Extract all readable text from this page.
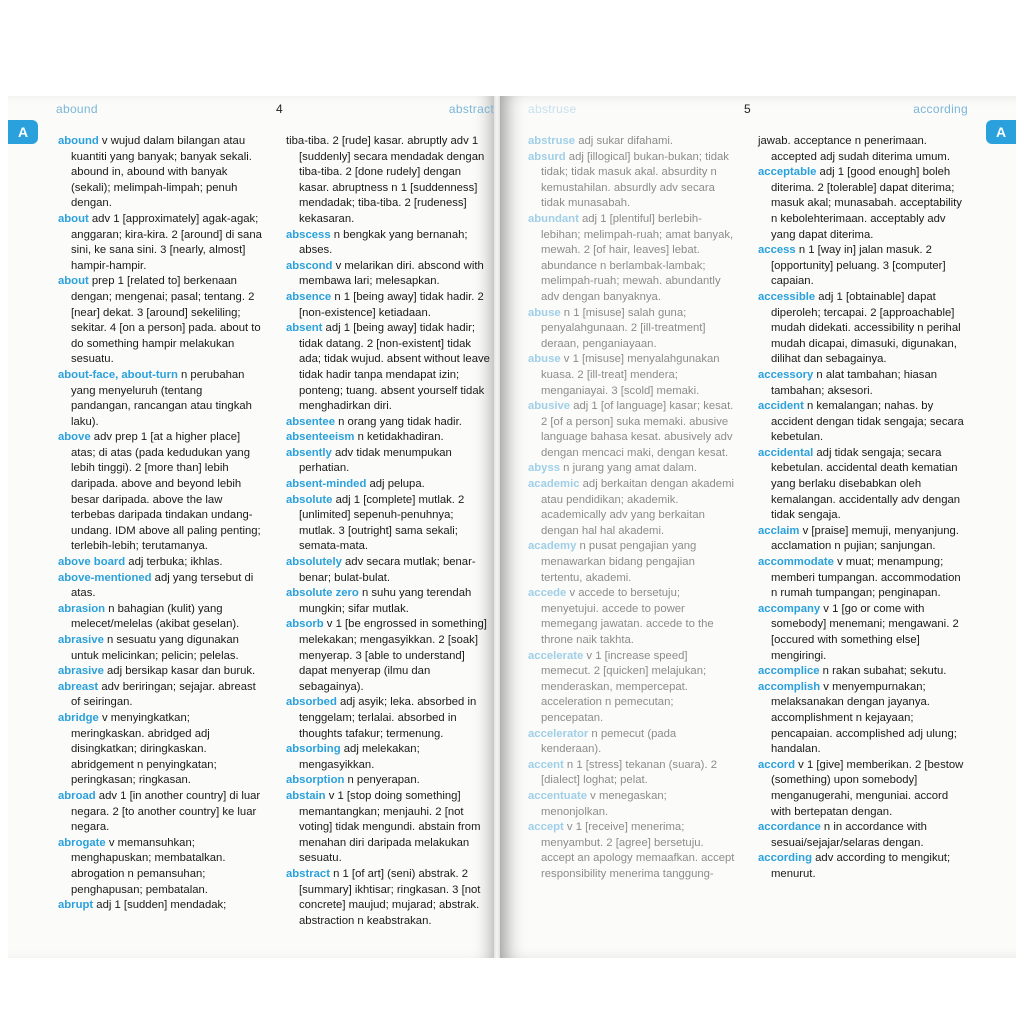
abound	4	abstract
A

abound v wujud dalam bilangan atau kuantiti yang banyak; banyak sekali. abound in, abound with banyak (sekali); melimpah-limpah; penuh dengan.

about adv 1 [approximately] agak-agak; anggaran; kira-kira. 2 [around] di sana sini, ke sana sini. 3 [nearly, almost] hampir-hampir.

about prep 1 [related to] berkenaan dengan; mengenai; pasal; tentang. 2 [near] dekat. 3 [around] sekeliling; sekitar. 4 [on a person] pada. about to do something hampir melakukan sesuatu.

about-face, about-turn n perubahan yang menyeluruh (tentang pandangan, rancangan atau tingkah laku).

above adv prep 1 [at a higher place] atas; di atas (pada kedudukan yang lebih tinggi). 2 [more than] lebih daripada. above and beyond lebih besar daripada. above the law terbebas daripada tindakan undang-undang. IDM above all paling penting; terlebih-lebih; terutamanya.

above board adj terbuka; ikhlas.

above-mentioned adj yang tersebut di atas.

abrasion n bahagian (kulit) yang melecet/melelas (akibat geselan).

abrasive n sesuatu yang digunakan untuk melicinkan; pelicin; pelelas.

abrasive adj bersikap kasar dan buruk.

abreast adv beriringan; sejajar. abreast of seiringan.

abridge v menyingkatkan; meringkaskan. abridged adj disingkatkan; diringkaskan. abridgement n penyingkatan; peringkasan; ringkasan.

abroad adv 1 [in another country] di luar negara. 2 [to another country] ke luar negara.

abrogate v memansuhkan; menghapuskan; membatalkan. abrogation n pemansuhan; penghapusan; pembatalan.

abrupt adj 1 [sudden] mendadak;

tiba-tiba. 2 [rude] kasar. abruptly adv 1 [suddenly] secara mendadak dengan tiba-tiba. 2 [done rudely] dengan kasar. abruptness n 1 [suddenness] mendadak; tiba-tiba. 2 [rudeness] kekasaran.

abscess n bengkak yang bernanah; abses.

abscond v melarikan diri. abscond with membawa lari; melesapkan.

absence n 1 [being away] tidak hadir. 2 [non-existence] ketiadaan.

absent adj 1 [being away] tidak hadir; tidak datang. 2 [non-existent] tidak ada; tidak wujud. absent without leave tidak hadir tanpa mendapat izin; ponteng; tuang. absent yourself tidak menghadirkan diri.

absentee n orang yang tidak hadir.

absenteeism n ketidakhadiran.

absently adv tidak menumpukan perhatian.

absent-minded adj pelupa.

absolute adj 1 [complete] mutlak. 2 [unlimited] sepenuh-penuhnya; mutlak. 3 [outright] sama sekali; semata-mata.

absolutely adv secara mutlak; benar-benar; bulat-bulat.

absolute zero n suhu yang terendah mungkin; sifar mutlak.

absorb v 1 [be engrossed in something] melekakan; mengasyikkan. 2 [soak] menyerap. 3 [able to understand] dapat menyerap (ilmu dan sebagainya).

absorbed adj asyik; leka. absorbed in tenggelam; terlalai. absorbed in thoughts tafakur; termenung.

absorbing adj melekakan; mengasyikkan.

absorption n penyerapan.

abstain v 1 [stop doing something] memantangkan; menjauhi. 2 [not voting] tidak mengundi. abstain from menahan diri daripada melakukan sesuatu.

abstract n 1 [of art] (seni) abstrak. 2 [summary] ikhtisar; ringkasan. 3 [not concrete] maujud; mujarad; abstrak. abstraction n keabstrakan.

abstruse	5	according
A

abstruse adj sukar difahami.

absurd adj [illogical] bukan-bukan; tidak tidak; tidak masuk akal. absurdity n kemustahilan. absurdly adv secara tidak munasabah.

abundant adj 1 [plentiful] berlebih-lebihan; melimpah-ruah; amat banyak, mewah. 2 [of hair, leaves] lebat. abundance n berlambak-lambak; melimpah-ruah; mewah. abundantly adv dengan banyaknya.

abuse n 1 [misuse] salah guna; penyalahgunaan. 2 [ill-treatment] deraan, penganiayaan.

abuse v 1 [misuse] menyalahgunakan kuasa. 2 [ill-treat] mendera; menganiayai. 3 [scold] memaki.

abusive adj 1 [of language] kasar; kesat. 2 [of a person] suka memaki. abusive language bahasa kesat. abusively adv dengan mencaci maki, dengan kesat.

abyss n jurang yang amat dalam.

academic adj berkaitan dengan akademi atau pendidikan; akademik. academically adv yang berkaitan dengan hal hal akademi.

academy n pusat pengajian yang menawarkan bidang pengajian tertentu, akademi.

accede v accede to bersetuju; menyetujui. accede to power memegang jawatan. accede to the throne naik takhta.

accelerate v 1 [increase speed] memecut. 2 [quicken] melajukan; menderaskan, mempercepat. acceleration n pemecutan; pencepatan.

accelerator n pemecut (pada kenderaan).

accent n 1 [stress] tekanan (suara). 2 [dialect] loghat; pelat.

accentuate v menegaskan; menonjolkan.

accept v 1 [receive] menerima; menyambut. 2 [agree] bersetuju. accept an apology memaafkan. accept responsibility menerima tanggung-

jawab. acceptance n penerimaan. accepted adj sudah diterima umum.

acceptable adj 1 [good enough] boleh diterima. 2 [tolerable] dapat diterima; masuk akal; munasabah. acceptability n kebolehterimaan. acceptably adv yang dapat diterima.

access n 1 [way in] jalan masuk. 2 [opportunity] peluang. 3 [computer] capaian.

accessible adj 1 [obtainable] dapat diperoleh; tercapai. 2 [approachable] mudah didekati. accessibility n perihal mudah dicapai, dimasuki, digunakan, dilihat dan sebagainya.

accessory n alat tambahan; hiasan tambahan; aksesori.

accident n kemalangan; nahas. by accident dengan tidak sengaja; secara kebetulan.

accidental adj tidak sengaja; secara kebetulan. accidental death kematian yang berlaku disebabkan oleh kemalangan. accidentally adv dengan tidak sengaja.

acclaim v [praise] memuji, menyanjung. acclamation n pujian; sanjungan.

accommodate v muat; menampung; memberi tumpangan. accommodation n rumah tumpangan; penginapan.

accompany v 1 [go or come with somebody] menemani; mengawani. 2 [occured with something else] mengiringi.

accomplice n rakan subahat; sekutu.

accomplish v menyempurnakan; melaksanakan dengan jayanya. accomplishment n kejayaan; pencapaian. accomplished adj ulung; handalan.

accord v 1 [give] memberikan. 2 [bestow (something) upon somebody] menganugerahi, menguniai. accord with bertepatan dengan.

accordance n in accordance with sesuai/sejajar/selaras dengan.

according adv according to mengikut; menurut.
